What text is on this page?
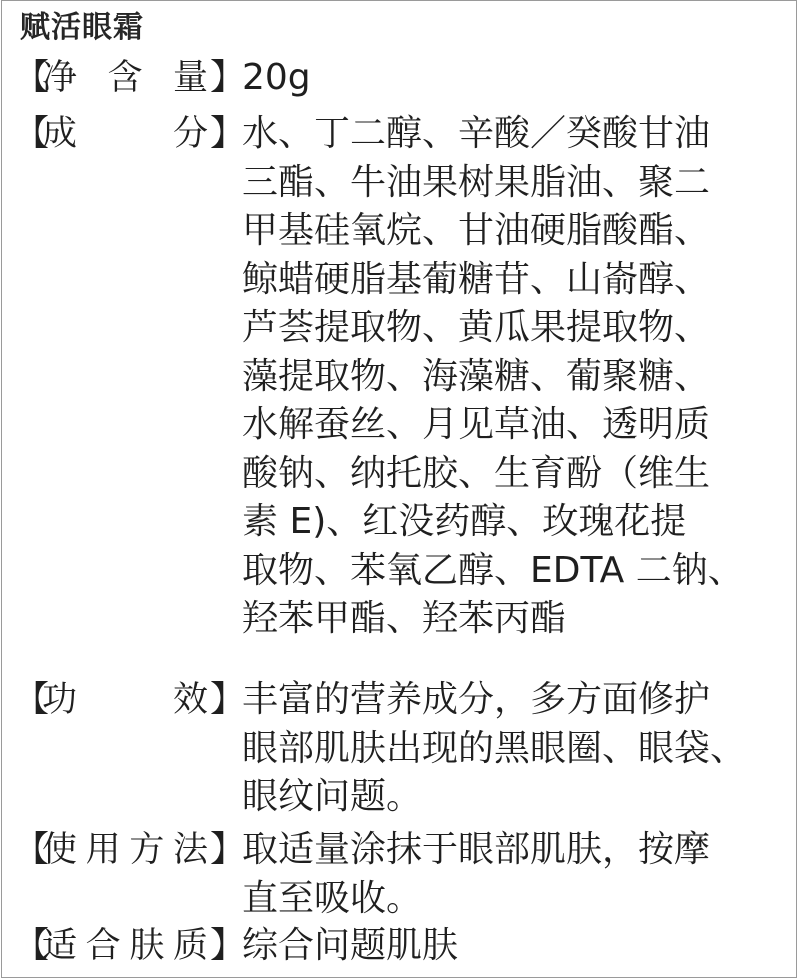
赋活眼霜
【
净 含 量 】
20g
【
成	分 】
水、丁二醇、辛酸／癸酸甘油
三酯、牛油果树果脂油、聚二
甲基硅氧烷、甘油硬脂酸酯、
鲸蜡硬脂基葡糖苷、山嵛醇、
芦荟提取物、黄瓜果提取物、
藻提取物、海藻糖、葡聚糖、
水解蚕丝、月见草油、透明质
酸钠、纳托胶、生育酚（维生
素 E)、红没药醇、玫瑰花提
取物、苯氧乙醇、EDTA 二钠、
羟苯甲酯、羟苯丙酯
【
功	效 】
丰富的营养成分，多方面修护
眼部肌肤出现的黑眼圈、眼袋、
眼纹问题。
【
使 用 方 法 】
取适量涂抹于眼部肌肤，按摩
直至吸收。
【
适 合 肤 质 】
综合问题肌肤
